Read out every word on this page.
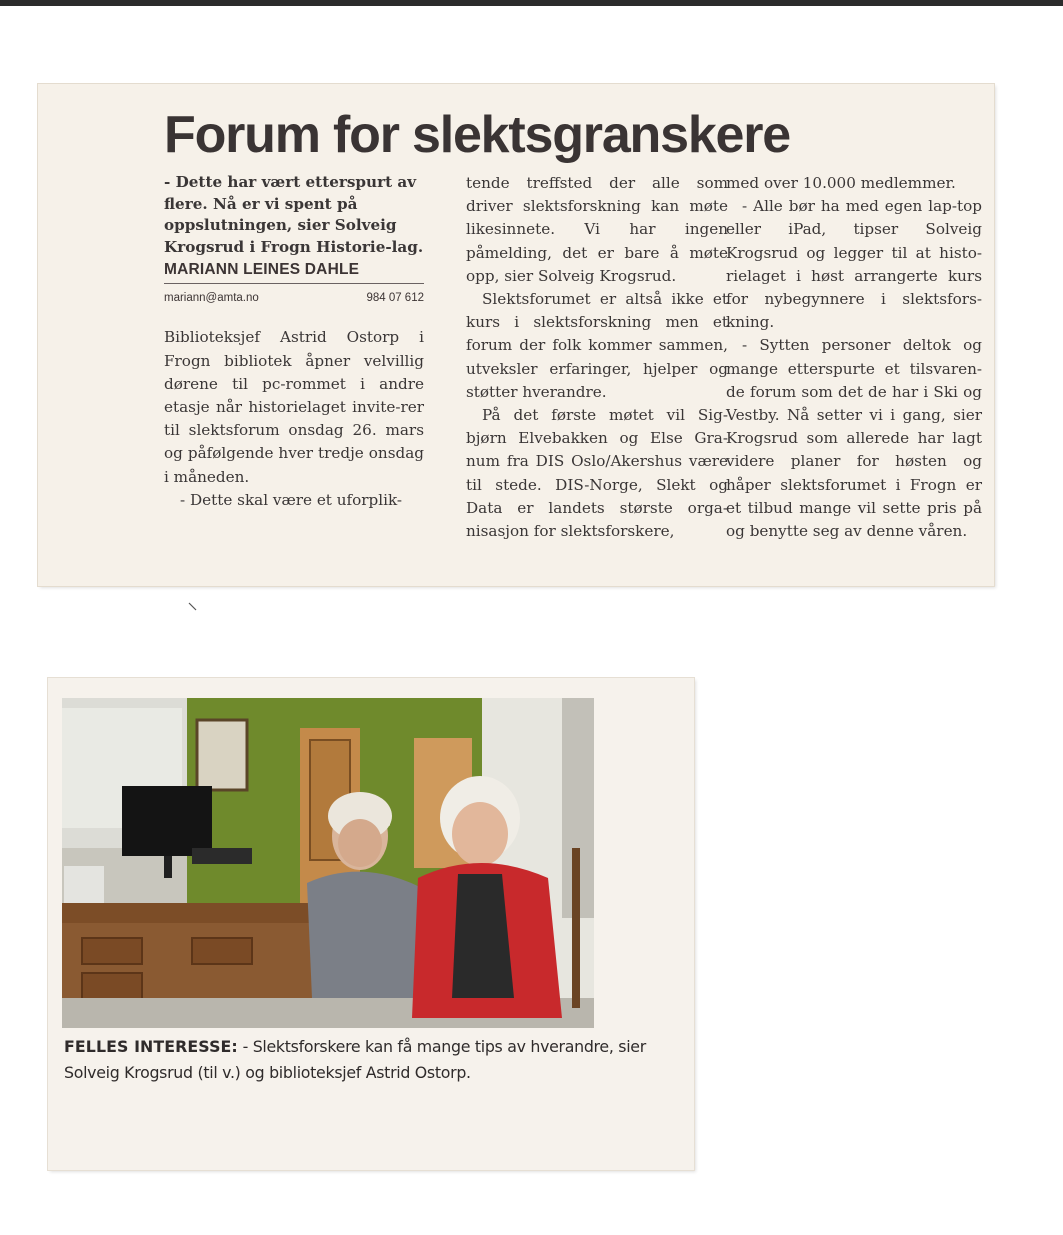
Forum for slektsgranskere

- Dette har vært etterspurt av flere. Nå er vi spent på oppslutningen, sier Solveig Krogsrud i Frogn Historie-lag.

MARIANN LEINES DAHLE
mariann@amta.no	984 07 612

Biblioteksjef Astrid Ostorp i Frogn bibliotek åpner velvillig dørene til pc-rommet i andre etasje når historielaget invite-rer til slektsforum onsdag 26. mars og påfølgende hver tredje onsdag i måneden.

- Dette skal være et uforplik-

tende treffsted der alle som driver slektsforskning kan møte likesinnete. Vi har ingen påmelding, det er bare å møte opp, sier Solveig Krogsrud.

Slektsforumet er altså ikke et kurs i slektsforskning men et forum der folk kommer sammen, utveksler erfaringer, hjelper og støtter hverandre.

På det første møtet vil Sig-bjørn Elvebakken og Else Gra-num fra DIS Oslo/Akershus være til stede. DIS-Norge, Slekt og Data er landets største orga-nisasjon for slektsforskere,

med over 10.000 medlemmer.

- Alle bør ha med egen lap-top eller iPad, tipser Solveig Krogsrud og legger til at histo-rielaget i høst arrangerte kurs for nybegynnere i slektsfors-kning.

- Sytten personer deltok og mange etterspurte et tilsvaren-de forum som det de har i Ski og Vestby. Nå setter vi i gang, sier Krogsrud som allerede har lagt videre planer for høsten og håper slektsforumet i Frogn er et tilbud mange vil sette pris på og benytte seg av denne våren.

FELLES INTERESSE: - Slektsforskere kan få mange tips av hverandre, sier Solveig Krogsrud (til v.) og biblioteksjef Astrid Ostorp.
